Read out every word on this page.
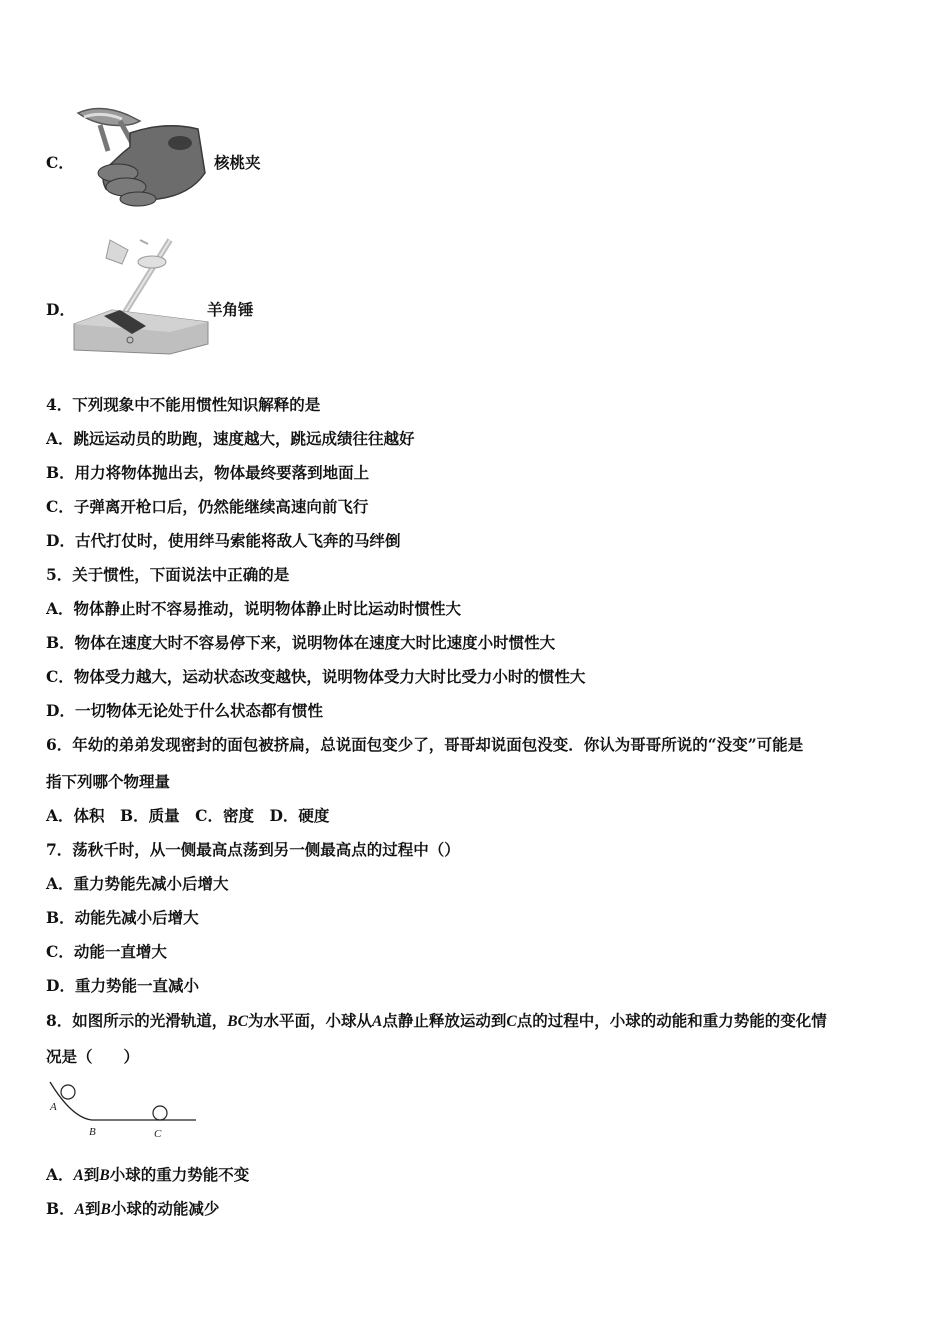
C．	核桃夹
D．	羊角锤
4．下列现象中不能用惯性知识解释的是
A．跳远运动员的助跑，速度越大，跳远成绩往往越好
B．用力将物体抛出去，物体最终要落到地面上
C．子弹离开枪口后，仍然能继续高速向前飞行
D．古代打仗时，使用绊马索能将敌人飞奔的马绊倒
5．关于惯性，下面说法中正确的是
A．物体静止时不容易推动，说明物体静止时比运动时惯性大
B．物体在速度大时不容易停下来，说明物体在速度大时比速度小时惯性大
C．物体受力越大，运动状态改变越快，说明物体受力大时比受力小时的惯性大
D．一切物体无论处于什么状态都有惯性
6．年幼的弟弟发现密封的面包被挤扁，总说面包变少了，哥哥却说面包没变．你认为哥哥所说的“没变”可能是
指下列哪个物理量
A．体积　B．质量　C．密度　D．硬度
7．荡秋千时，从一侧最高点荡到另一侧最高点的过程中（）
A．重力势能先减小后增大
B．动能先减小后增大
C．动能一直增大
D．重力势能一直减小
8．如图所示的光滑轨道，BC为水平面，小球从A点静止释放运动到C点的过程中，小球的动能和重力势能的变化情
况是（　　）
A
B	C
A．A到B小球的重力势能不变
B．A到B小球的动能减少
